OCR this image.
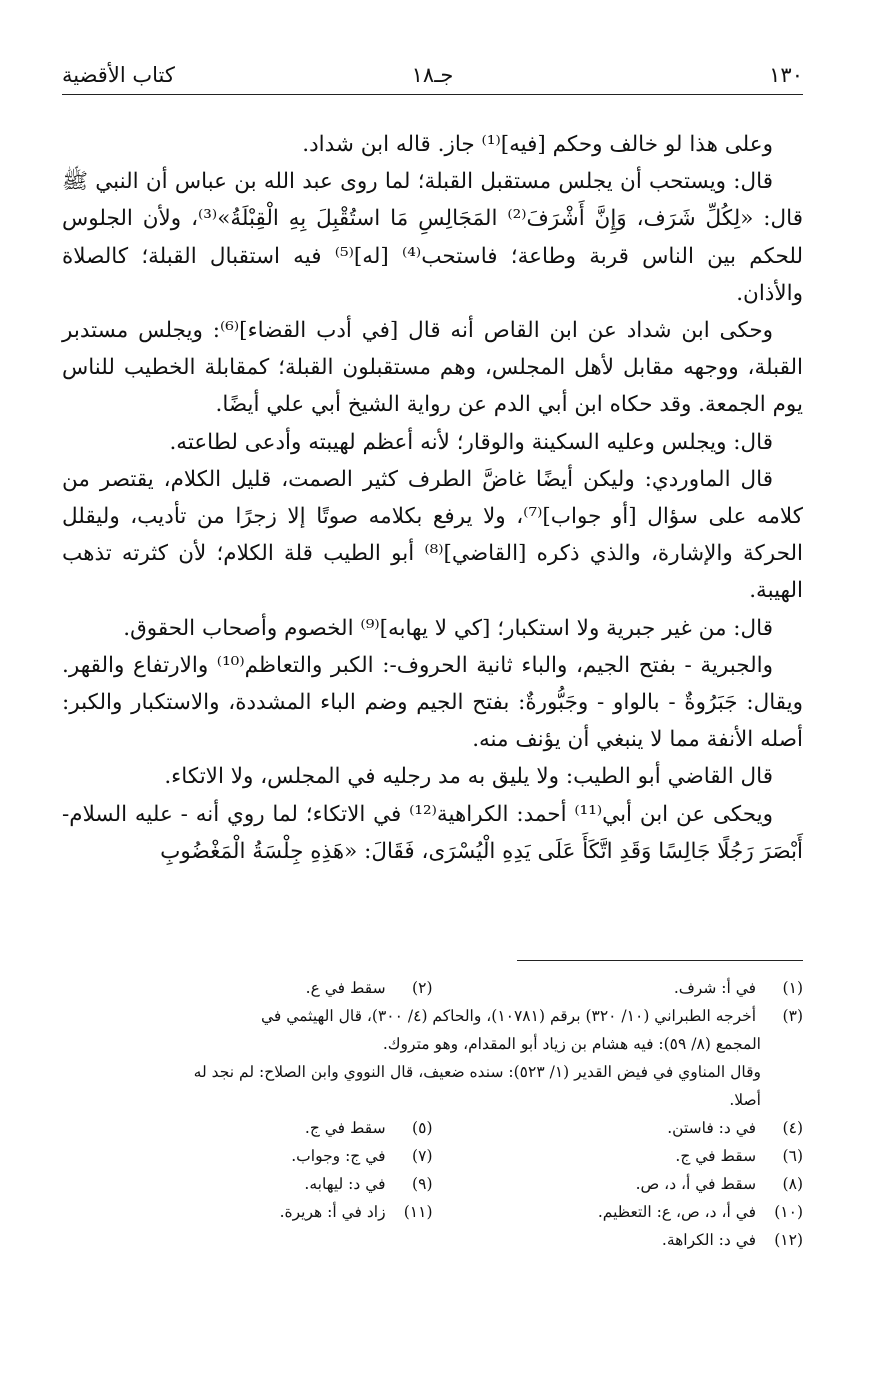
١٣٠
جـ١٨
كتاب الأقضية

وعلى هذا لو خالف وحكم [فيه]⁽¹⁾ جاز. قاله ابن شداد.

قال: ويستحب أن يجلس مستقبل القبلة؛ لما روى عبد الله بن عباس أن النبي ﷺ قال: «لِكُلِّ شَرَف، وَإِنَّ أَشْرَفَ⁽²⁾ المَجَالِسِ مَا استُقْبِلَ بِهِ الْقِبْلَةُ»⁽³⁾، ولأن الجلوس للحكم بين الناس قربة وطاعة؛ فاستحب⁽⁴⁾ [له]⁽⁵⁾ فيه استقبال القبلة؛ كالصلاة والأذان.

وحكى ابن شداد عن ابن القاص أنه قال [في أدب القضاء]⁽⁶⁾: ويجلس مستدبر القبلة، ووجهه مقابل لأهل المجلس، وهم مستقبلون القبلة؛ كمقابلة الخطيب للناس يوم الجمعة. وقد حكاه ابن أبي الدم عن رواية الشيخ أبي علي أيضًا.

قال: ويجلس وعليه السكينة والوقار؛ لأنه أعظم لهيبته وأدعى لطاعته.

قال الماوردي: وليكن أيضًا غاضَّ الطرف كثير الصمت، قليل الكلام، يقتصر من كلامه على سؤال [أو جواب]⁽⁷⁾، ولا يرفع بكلامه صوتًا إلا زجرًا من تأديب، وليقلل الحركة والإشارة، والذي ذكره [القاضي]⁽⁸⁾ أبو الطيب قلة الكلام؛ لأن كثرته تذهب الهيبة.

قال: من غير جبرية ولا استكبار؛ [كي لا يهابه]⁽⁹⁾ الخصوم وأصحاب الحقوق.

والجبرية - بفتح الجيم، والباء ثانية الحروف-: الكبر والتعاظم⁽¹⁰⁾ والارتفاع والقهر. ويقال: جَبَرُوةٌ - بالواو - وجَبُّورةٌ: بفتح الجيم وضم الباء المشددة، والاستكبار والكبر: أصله الأنفة مما لا ينبغي أن يؤنف منه.

قال القاضي أبو الطيب: ولا يليق به مد رجليه في المجلس، ولا الاتكاء.

ويحكى عن ابن أبي⁽¹¹⁾ أحمد: الكراهية⁽¹²⁾ في الاتكاء؛ لما روي أنه - عليه السلام- أَبْصَرَ رَجُلًا جَالِسًا وَقَدِ اتَّكَأَ عَلَى يَدِهِ الْيُسْرَى، فَقَالَ: «هَذِهِ جِلْسَةُ الْمَغْضُوبِ

(١) في أ: شرف.
(٢) سقط في ع.
(٣) أخرجه الطبراني (١٠/ ٣٢٠) برقم (١٠٧٨١)، والحاكم (٤/ ٣٠٠)، قال الهيثمي في
المجمع (٨/ ٥٩): فيه هشام بن زياد أبو المقدام، وهو متروك.
وقال المناوي في فيض القدير (١/ ٥٢٣): سنده ضعيف، قال النووي وابن الصلاح: لم نجد له
أصلا.
(٤) في د: فاستن.
(٥) سقط في ج.
(٦) سقط في ج.
(٧) في ج: وجواب.
(٨) سقط في أ، د، ص.
(٩) في د: ليهابه.
(١٠) في أ، د، ص، ع: التعظيم.
(١١) زاد في أ: هريرة.
(١٢) في د: الكراهة.
